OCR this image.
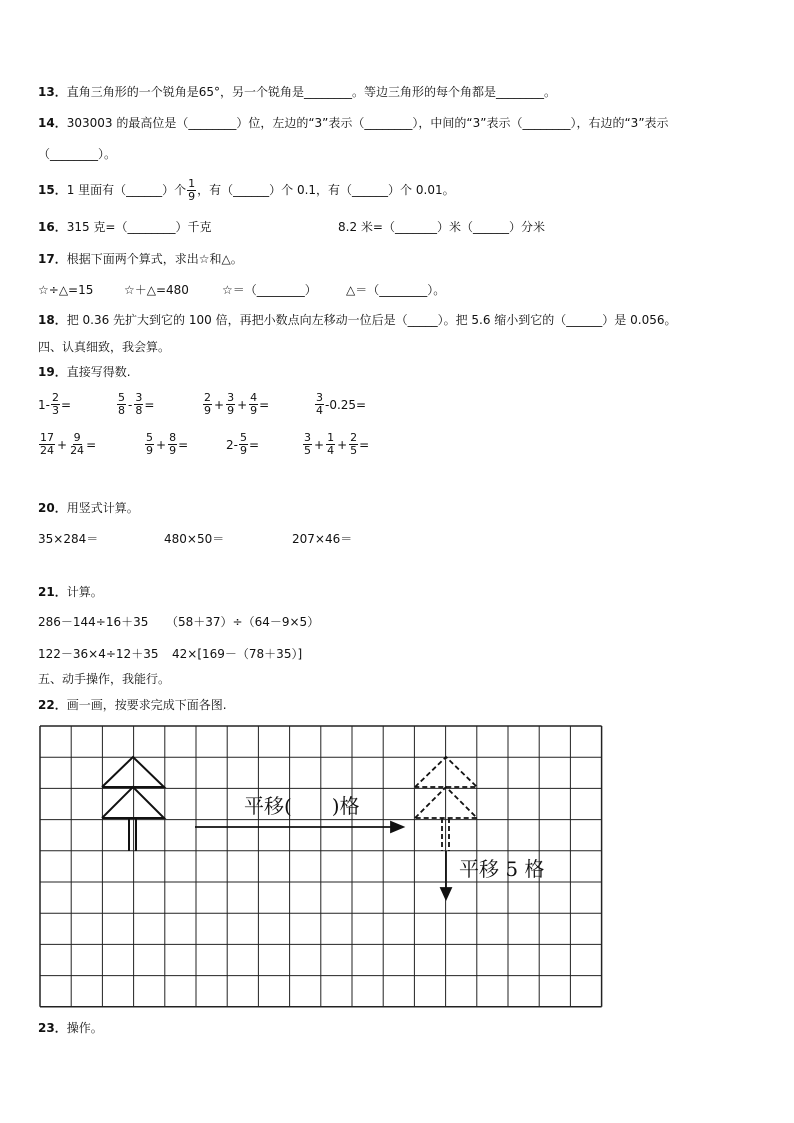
13．直角三角形的一个锐角是65°，另一个锐角是________。等边三角形的每个角都是________。
14．303003 的最高位是（________）位，左边的“3”表示（________），中间的“3”表示（________），右边的“3”表示
（________）。
15． 1 里面有（______）个 $\frac{1}{9}$ ，有（______）个 0.1，有（______）个 0.01。
16．315 克=（________）千克	8.2 米=（_______）米（______）分米
17．根据下面两个算式，求出☆和△。
☆÷△=15	☆＋△=480	☆＝（________） △＝（________）。
18．把 0.36 先扩大到它的 100 倍，再把小数点向左移动一位后是（_____）。把 5.6 缩小到它的（______）是 0.056。
四、认真细致，我会算。
19．直接写得数.
$1- \frac{2}{3}$ =	$\frac{5}{8} - \frac{3}{8}$ =	$\frac{2}{9} + \frac{3}{9} + \frac{4}{9}$ =	$\frac{3}{4} -0.25=$
$\frac{17}{24} + \frac{9}{24}$ =	$\frac{5}{9} + \frac{8}{9}$ =	$2- \frac{5}{9}$ =	$\frac{3}{5} + \frac{1}{4} + \frac{2}{5}$ =
20．用竖式计算。
35×284＝	480×50＝	207×46＝
21．计算。
286－144÷16＋35 （58＋37）÷（64－9×5）
122－36×4÷12＋35 42×[169－（78＋35）]
五、动手操作，我能行。
22．画一画，按要求完成下面各图.
平移(　　)格
平移 5 格
23．操作。
